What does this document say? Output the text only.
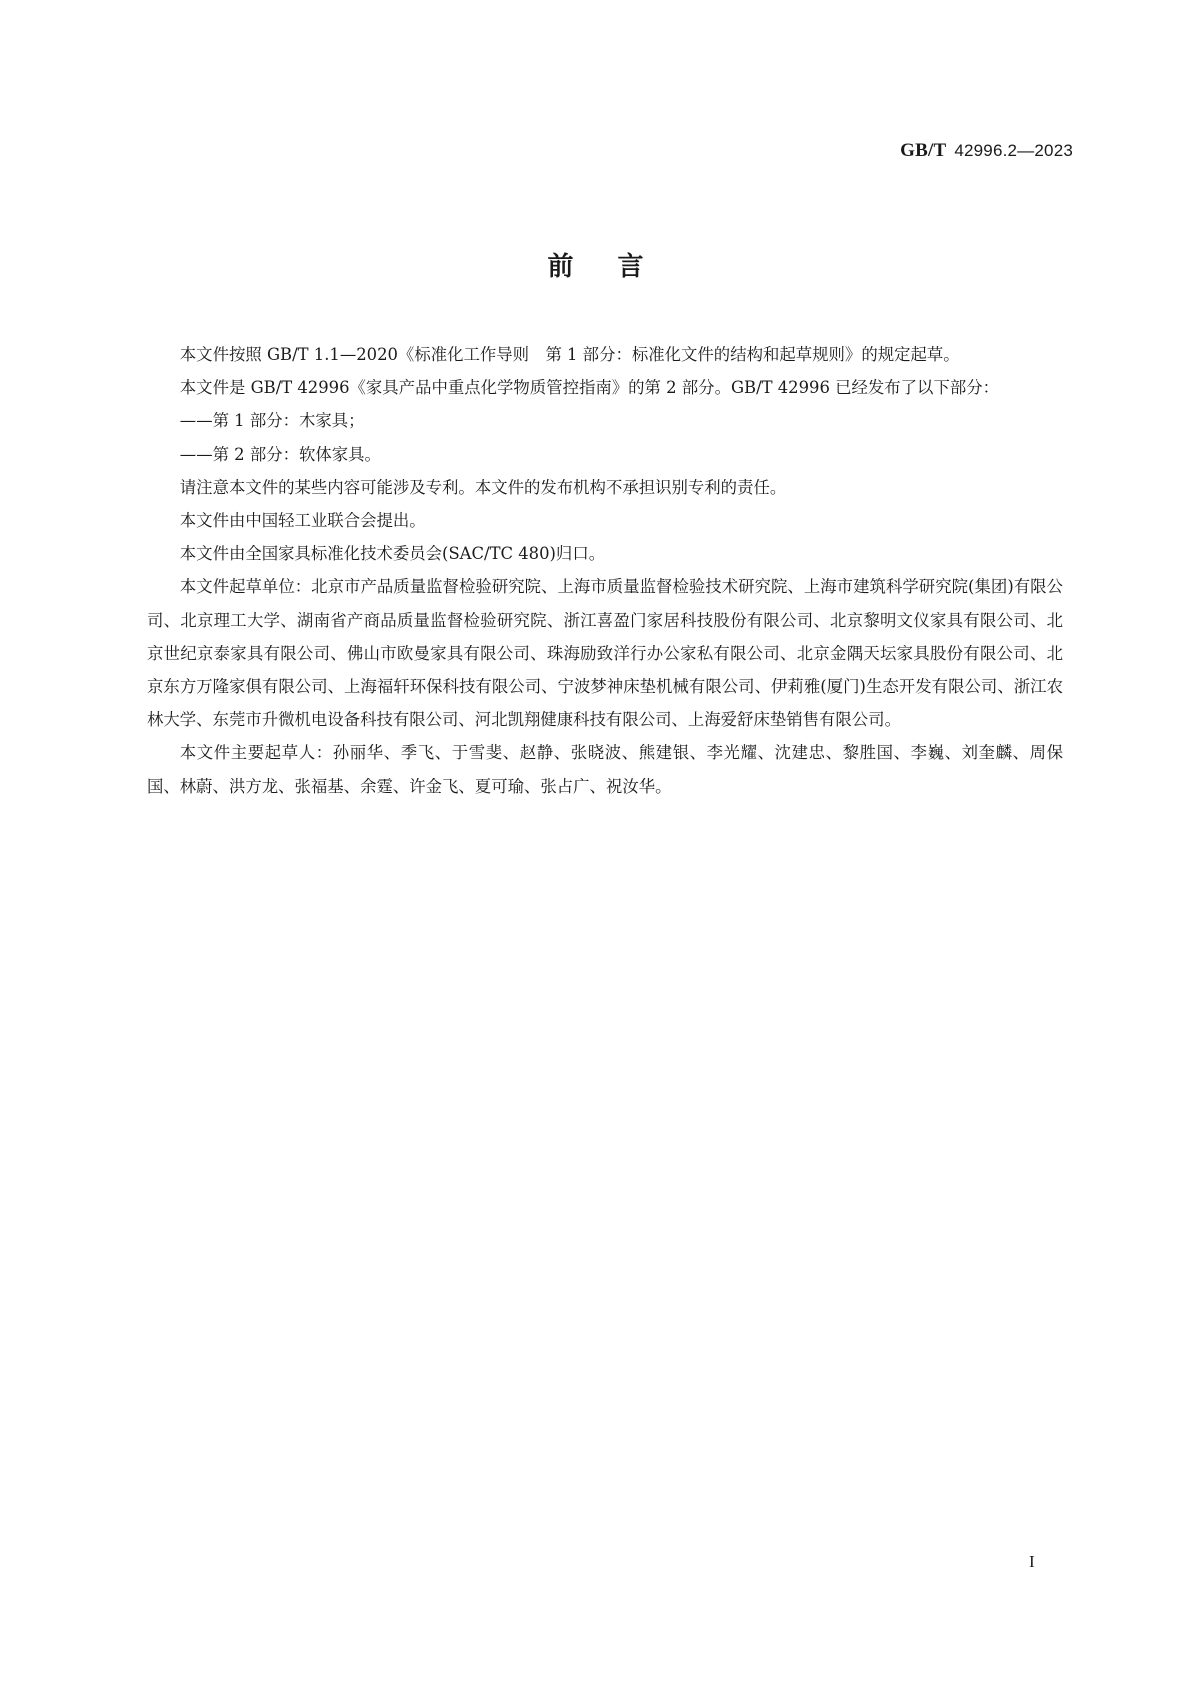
GB/T 42996.2—2023
前言

本文件按照 GB/T 1.1—2020《标准化工作导则　第 1 部分：标准化文件的结构和起草规则》的规定起草。

本文件是 GB/T 42996《家具产品中重点化学物质管控指南》的第 2 部分。GB/T 42996 已经发布了以下部分：

——第 1 部分：木家具；

——第 2 部分：软体家具。

请注意本文件的某些内容可能涉及专利。本文件的发布机构不承担识别专利的责任。

本文件由中国轻工业联合会提出。

本文件由全国家具标准化技术委员会(SAC/TC 480)归口。

本文件起草单位：北京市产品质量监督检验研究院、上海市质量监督检验技术研究院、上海市建筑科学研究院(集团)有限公司、北京理工大学、湖南省产商品质量监督检验研究院、浙江喜盈门家居科技股份有限公司、北京黎明文仪家具有限公司、北京世纪京泰家具有限公司、佛山市欧曼家具有限公司、珠海励致洋行办公家私有限公司、北京金隅天坛家具股份有限公司、北京东方万隆家俱有限公司、上海福轩环保科技有限公司、宁波梦神床垫机械有限公司、伊莉雅(厦门)生态开发有限公司、浙江农林大学、东莞市升微机电设备科技有限公司、河北凯翔健康科技有限公司、上海爱舒床垫销售有限公司。

本文件主要起草人：孙丽华、季飞、于雪斐、赵静、张晓波、熊建银、李光耀、沈建忠、黎胜国、李巍、刘奎麟、周保国、林蔚、洪方龙、张福基、余霆、许金飞、夏可瑜、张占广、祝汝华。

I
